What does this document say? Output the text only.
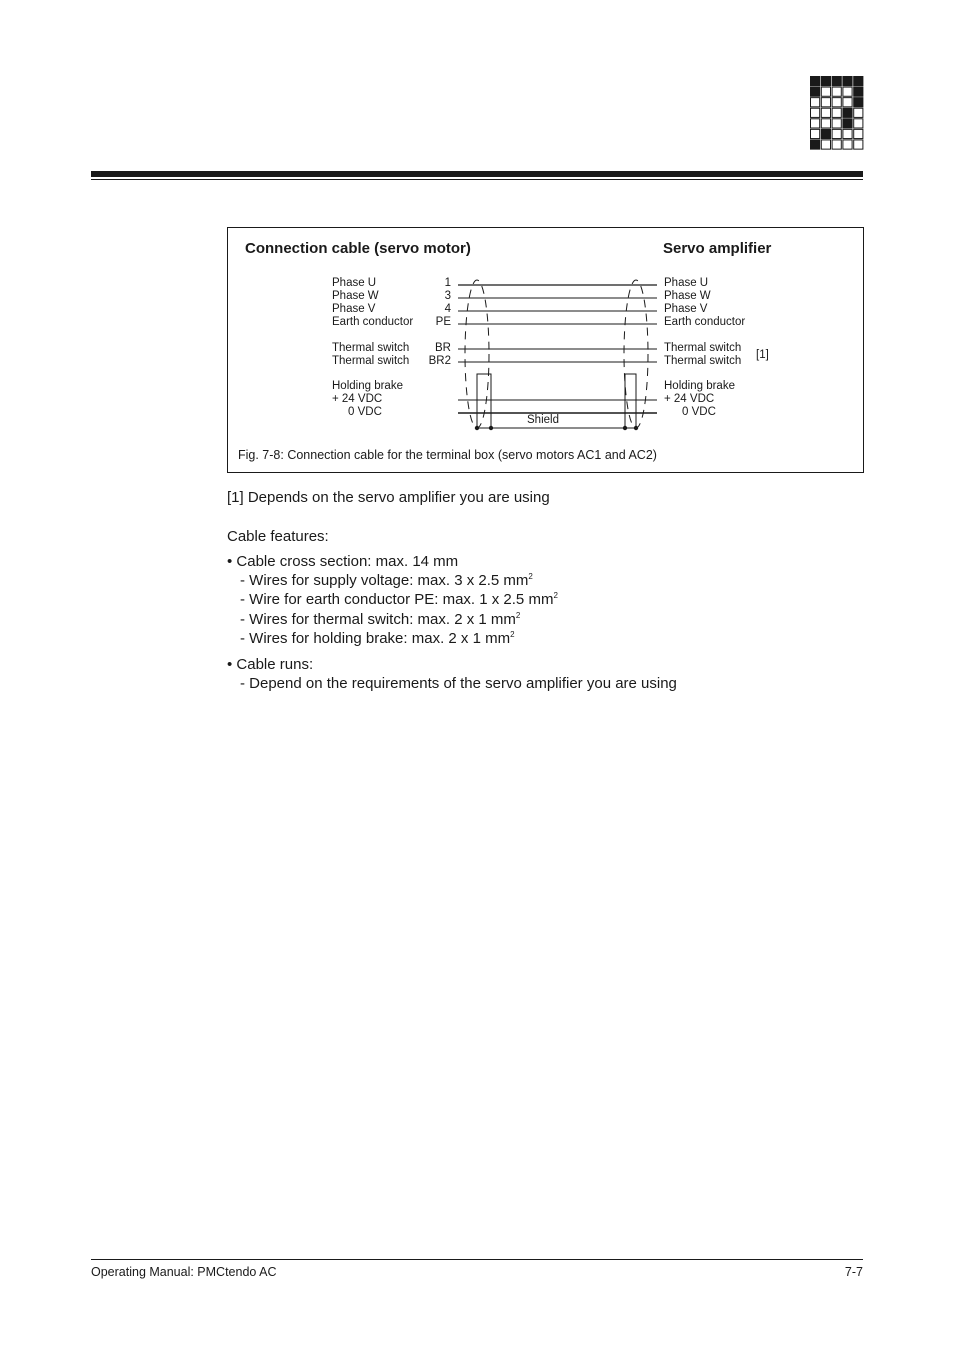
Connection cable (servo motor)	Servo amplifier
Phase U
Phase W
Phase V
Earth conductor
Thermal switch
Thermal switch
Holding brake
+ 24 VDC
0 VDC
1
3
4
PE
BR
BR2
Phase U
Phase W
Phase V
Earth conductor
Thermal switch
Thermal switch [1]
Holding brake
+ 24 VDC
0 VDC
Shield
Fig. 7-8: Connection cable for the terminal box (servo motors AC1 and AC2)
[1] Depends on the servo amplifier you are using
Cable features:
• Cable cross section: max. 14 mm
- Wires for supply voltage: max. 3 x 2.5 $mm^2$
- Wire for earth conductor PE: max. 1 x 2.5 $mm^2$
- Wires for thermal switch: max. 2 x 1 $mm^2$
- Wires for holding brake: max. 2 x 1 $mm^2$
• Cable runs:
- Depend on the requirements of the servo amplifier you are using
Operating Manual: PMCtendo AC	7-7
